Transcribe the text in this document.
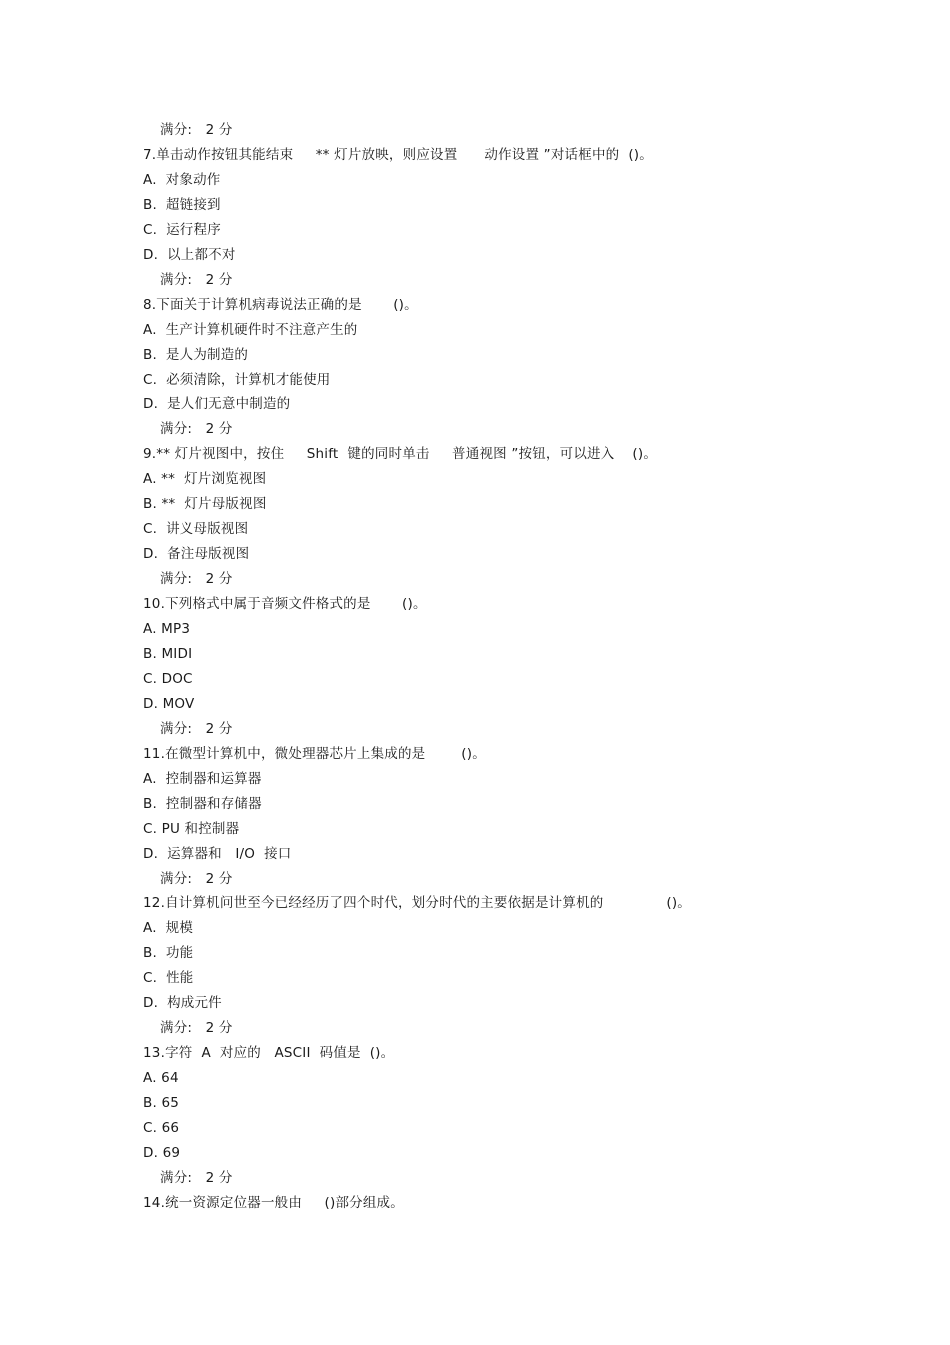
满分:   2 分
7.单击动作按钮其能结束     ** 灯片放映，则应设置      动作设置 ”对话框中的  ()。
A.  对象动作
B.  超链接到
C.  运行程序
D.  以上都不对
满分:   2 分
8.下面关于计算机病毒说法正确的是       ()。
A.  生产计算机硬件时不注意产生的
B.  是人为制造的
C.  必须清除，计算机才能使用
D.  是人们无意中制造的
满分:   2 分
9.** 灯片视图中，按住     Shift  键的同时单击     普通视图 ”按钮，可以进入    ()。
A. **  灯片浏览视图
B. **  灯片母版视图
C.  讲义母版视图
D.  备注母版视图
满分:   2 分
10.下列格式中属于音频文件格式的是       ()。
A. MP3
B. MIDI
C. DOC
D. MOV
满分:   2 分
11.在微型计算机中，微处理器芯片上集成的是        ()。
A.  控制器和运算器
B.  控制器和存储器
C. PU 和控制器
D.  运算器和   I/O  接口
满分:   2 分
12.自计算机问世至今已经经历了四个时代，划分时代的主要依据是计算机的              ()。
A.  规模
B.  功能
C.  性能
D.  构成元件
满分:   2 分
13.字符  A  对应的   ASCII  码值是  ()。
A. 64
B. 65
C. 66
D. 69
满分:   2 分
14.统一资源定位器一般由     ()部分组成。
